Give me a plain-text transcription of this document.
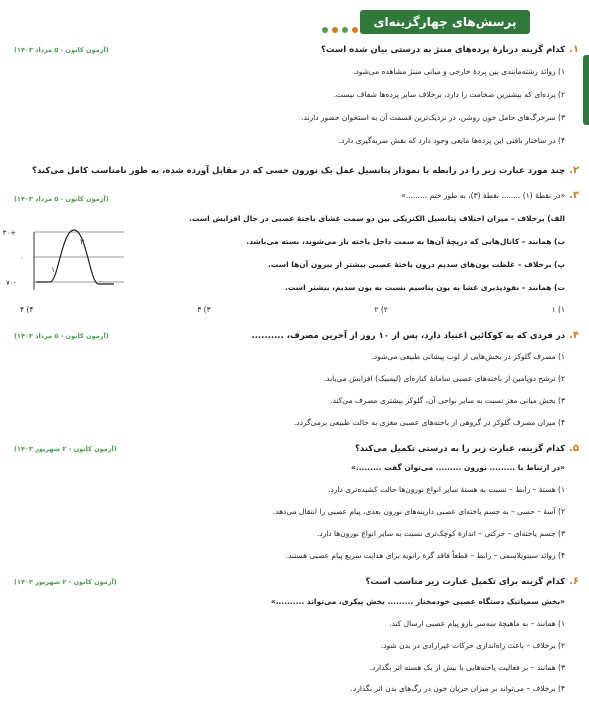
پرسش‌های چهارگزینه‌ای
۱.
کدام گزینه دربارهٔ پرده‌های مننژ به درستی بیان شده است؟
(آزمون کانون - ۵ مرداد ۱۴۰۳)
۱) زوائد رشته‌مانندی بین پردهٔ خارجی و میانی مننژ مشاهده می‌شود.
۲) پرده‌ای که بیشترین ضخامت را دارد، برخلاف سایر پرده‌ها شفاف نیست.
۳) سرخرگ‌های حامل خون روشن، در نزدیک‌ترین قسمت آن به استخوان حضور دارند.
۴) در ساختار بافتی این پرده‌ها مایعی وجود دارد که نقش ضربه‌گیری دارد.
۲.
چند مورد عبارت زیر را در رابطه با نمودار پتانسیل عمل یک نورون حسی که در مقابل آورده شده، به طور نامناسب کامل می‌کند؟
۳.
«در نقطهٔ (۱) ........ نقطهٔ (۳)، به طور حتم .........»
(آزمون کانون - ۵ مرداد ۱۴۰۳)
+۳۰
۰
-۷۰
۱
۳
الف) برخلاف – میزان اختلاف پتانسیل الکتریکی بین دو سمت غشای یاختهٔ عصبی در حال افزایش است.
ب) همانند – کانال‌هایی که دریچهٔ آن‌ها به سمت داخل یاخته باز می‌شوند، بسته می‌باشد.
پ) برخلاف – غلظت یون‌های سدیم درون یاختهٔ عصبی بیشتر از بیرون آن‌ها است.
ت) همانند – نفوذپذیری غشا به یون پتاسیم نسبت به یون سدیم، بیشتر است.
۱) ۱
۲) ۲
۳) ۳
۴) ۴
۴.
در فردی که به کوکائین اعتیاد دارد، پس از ۱۰ روز از آخرین مصرف، ..........
(آزمون کانون - ۵ مرداد ۱۴۰۳)
۱) مصرف گلوکز در بخش‌هایی از لوب پیشانی طبیعی می‌شود.
۲) ترشح دوپامین از یاخته‌های عصبی سامانهٔ کناره‌ای (لیمبیک) افزایش می‌یابد.
۳) بخش میانی مغز نسبت به سایر نواحی آن، گلوکز بیشتری مصرف می‌کند.
۴) میزان مصرف گلوکز در گروهی از یاخته‌های عصبی مغزی به حالت طبیعی برمی‌گردد.
۵.
کدام گزینه، عبارت زیر را به درستی تکمیل می‌کند؟
(آزمون کانون - ۲ شهریور ۱۴۰۳)
«در ارتباط با ......... نورون ......... می‌توان گفت .........»
۱) هستهٔ – رابط – نسبت به هستهٔ سایر انواع نورون‌ها حالت کشیده‌تری دارد.
۲) آسهٔ – حسی – به جسم یاخته‌ای عصبی دارینه‌های نورون بعدی، پیام عصبی را انتقال می‌دهد.
۳) جسم یاخته‌ای – حرکتی – اندازهٔ کوچک‌تری نسبت به سایر انواع نورون‌ها دارد.
۴) زوائد سیتوپلاسمی – رابط – قطعاً فاقد گرهٔ رانویه برای هدایت سریع پیام عصبی هستند.
۶.
کدام گزینه برای تکمیل عبارت زیر مناسب است؟
(آزمون کانون - ۲ شهریور ۱۴۰۳)
«بخش سمپاتیک دستگاه عصبی خودمختار ......... بخش پیکری، می‌تواند ..........»
۱) همانند – به ماهیچهٔ سه‌سر بازو پیام عصبی ارسال کند.
۲) برخلاف – باعث راه‌اندازی حرکات غیرارادی در بدن شود.
۳) همانند – بر فعالیت یاخته‌هایی با بیش از یک هسته اثر بگذارد.
۴) برخلاف – می‌تواند بر میزان جریان خون در رگ‌های بدن اثر بگذارد.
